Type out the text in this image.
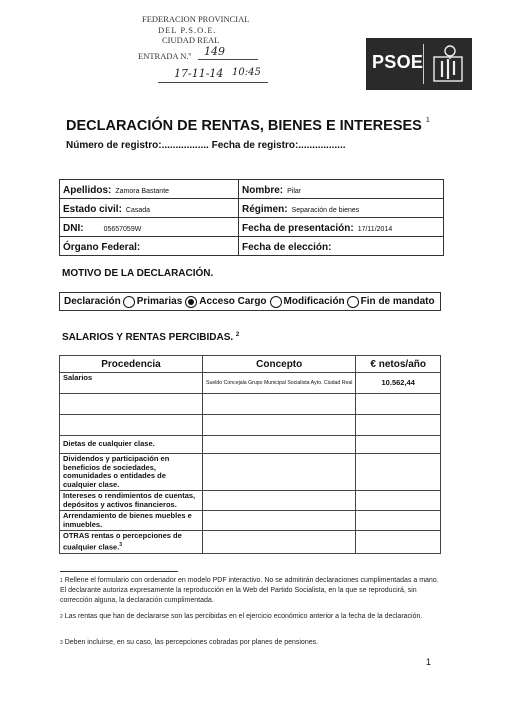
FEDERACION PROVINCIAL
DEL P.S.O.E.
CIUDAD REAL
ENTRADA N.º 149
17-11-14 10:45
PSOE
DECLARACIÓN DE RENTAS, BIENES E INTERESES $^1$
Número de registro:................. Fecha de registro:.................
Apellidos: Zamora Bastante	Nombre: Pilar
Estado civil: Casada	Régimen: Separación de bienes
DNI: 05657059W	Fecha de presentación: 17/11/2014
Órgano Federal:	Fecha de elección:
MOTIVO DE LA DECLARACIÓN.
Declaración Primarias Acceso Cargo Modificación Fin de mandato
SALARIOS Y RENTAS PERCIBIDAS. $^2$
Procedencia	Concepto	€ netos/año
Salarios	Sueldo Concejala Grupo Municipal Socialista Ayto. Ciudad Real	10.562,44

Dietas de cualquier clase.		
Dividendos y participación en beneficios de sociedades, comunidades o entidades de cualquier clase.		
Intereses o rendimientos de cuentas, depósitos y activos financieros.		
Arrendamiento de bienes muebles e inmuebles.		
OTRAS rentas o percepciones de cualquier clase.$^3$		
$^1$ Rellene el formulario con ordenador en modelo PDF interactivo. No se admitirán declaraciones cumplimentadas a mano. El declarante autoriza expresamente la reproducción en la Web del Partido Socialista, en la que se reproducirá, sin corrección alguna, la declaración cumplimentada.
$^2$ Las rentas que han de declararse son las percibidas en el ejercicio económico anterior a la fecha de la declaración.
$^3$ Deben incluirse, en su caso, las percepciones cobradas por planes de pensiones.
1
